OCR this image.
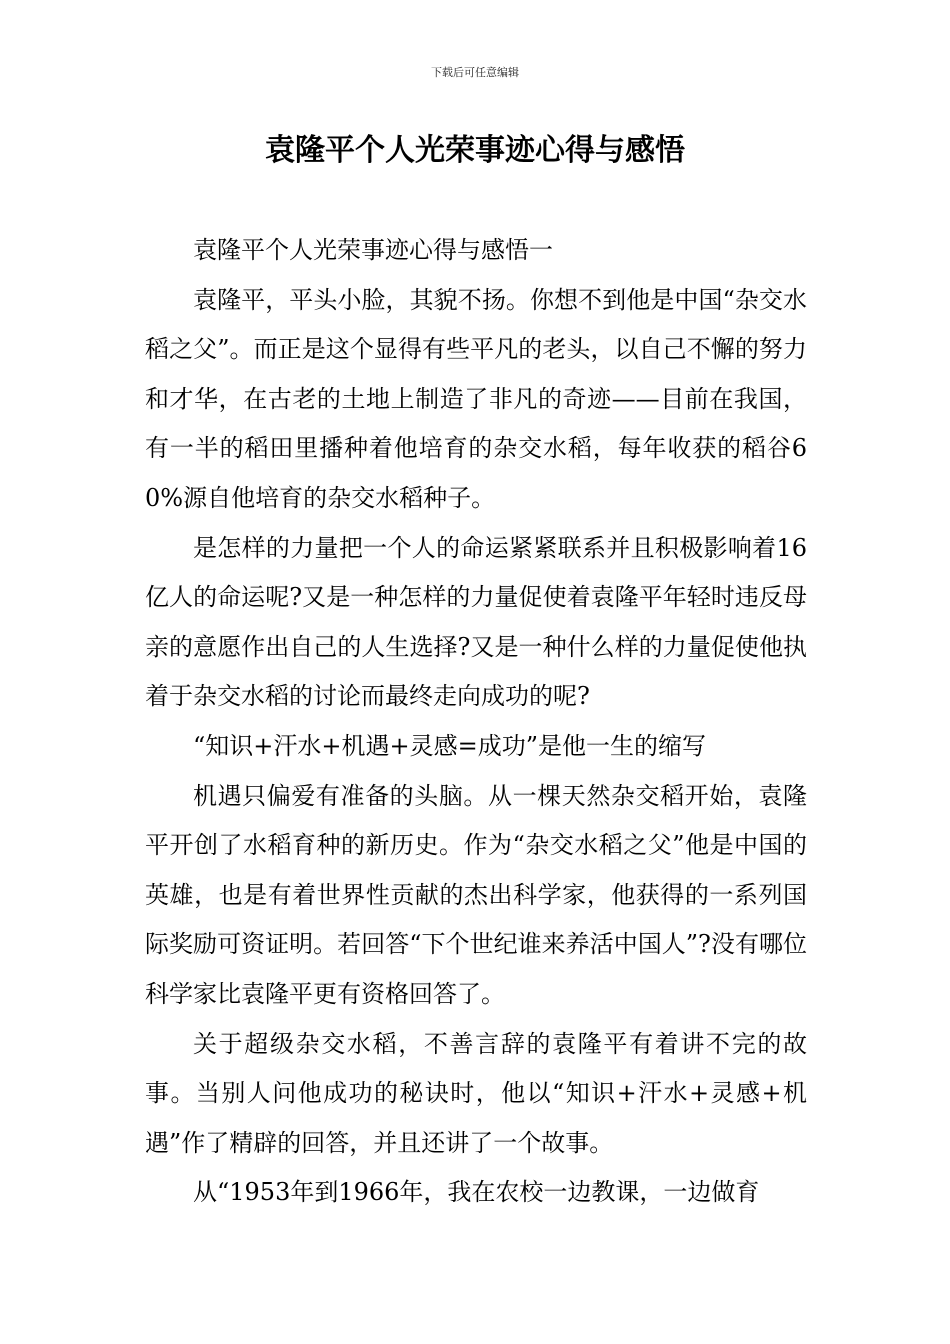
下载后可任意编辑
袁隆平个人光荣事迹心得与感悟

袁隆平个人光荣事迹心得与感悟一

袁隆平，平头小脸，其貌不扬。你想不到他是中国“杂交水稻之父”。而正是这个显得有些平凡的老头，以自己不懈的努力和才华，在古老的土地上制造了非凡的奇迹——目前在我国，有一半的稻田里播种着他培育的杂交水稻，每年收获的稻谷60%源自他培育的杂交水稻种子。

是怎样的力量把一个人的命运紧紧联系并且积极影响着16亿人的命运呢?又是一种怎样的力量促使着袁隆平年轻时违反母亲的意愿作出自己的人生选择?又是一种什么样的力量促使他执着于杂交水稻的讨论而最终走向成功的呢?

“知识+汗水+机遇+灵感=成功”是他一生的缩写

机遇只偏爱有准备的头脑。从一棵天然杂交稻开始，袁隆平开创了水稻育种的新历史。作为“杂交水稻之父”他是中国的英雄，也是有着世界性贡献的杰出科学家，他获得的一系列国际奖励可资证明。若回答“下个世纪谁来养活中国人”?没有哪位科学家比袁隆平更有资格回答了。

关于超级杂交水稻，不善言辞的袁隆平有着讲不完的故事。当别人问他成功的秘诀时，他以“知识+汗水+灵感+机遇”作了精辟的回答，并且还讲了一个故事。

从“1953年到1966年，我在农校一边教课，一边做育
